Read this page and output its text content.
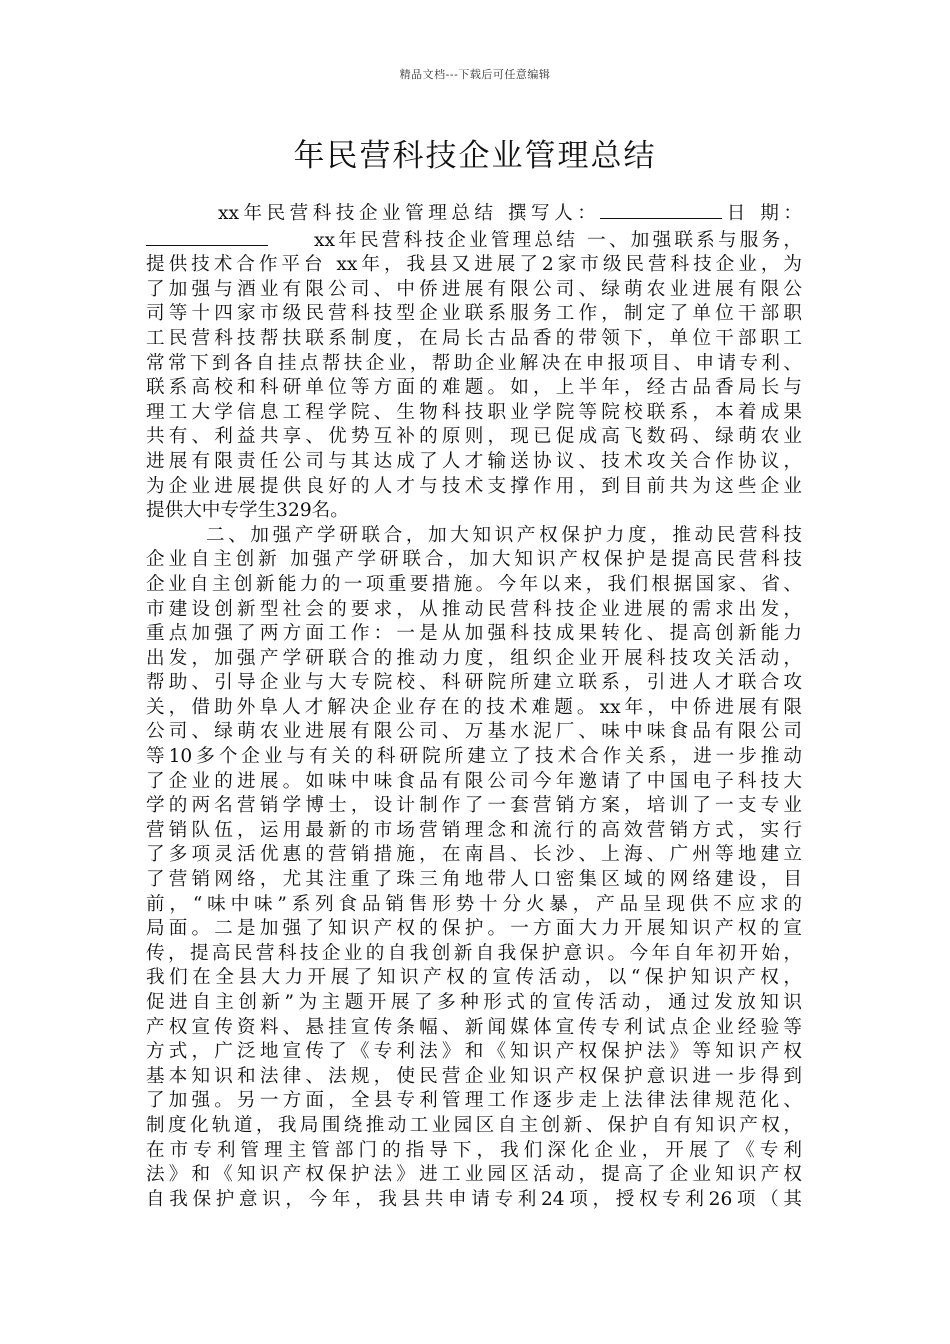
精品文档---下载后可任意编辑
年民营科技企业管理总结
xx年民营科技企业管理总结 撰写人：	日 期：
xx年民营科技企业管理总结 一、加强联系与服务，
提供技术合作平台 xx年，我县又进展了2家市级民营科技企业，为
了加强与酒业有限公司、中侨进展有限公司、绿萌农业进展有限公
司等十四家市级民营科技型企业联系服务工作，制定了单位干部职
工民营科技帮扶联系制度，在局长古品香的带领下，单位干部职工
常常下到各自挂点帮扶企业，帮助企业解决在申报项目、申请专利、
联系高校和科研单位等方面的难题。如，上半年，经古品香局长与
理工大学信息工程学院、生物科技职业学院等院校联系，本着成果
共有、利益共享、优势互补的原则，现已促成高飞数码、绿萌农业
进展有限责任公司与其达成了人才输送协议、技术攻关合作协议，
为企业进展提供良好的人才与技术支撑作用，到目前共为这些企业
提供大中专学生329名。
二、加强产学研联合，加大知识产权保护力度，推动民营科技
企业自主创新 加强产学研联合，加大知识产权保护是提高民营科技
企业自主创新能力的一项重要措施。今年以来，我们根据国家、省、
市建设创新型社会的要求，从推动民营科技企业进展的需求出发，
重点加强了两方面工作：一是从加强科技成果转化、提高创新能力
出发，加强产学研联合的推动力度，组织企业开展科技攻关活动，
帮助、引导企业与大专院校、科研院所建立联系，引进人才联合攻
关，借助外阜人才解决企业存在的技术难题。xx年，中侨进展有限
公司、绿萌农业进展有限公司、万基水泥厂、味中味食品有限公司
等10多个企业与有关的科研院所建立了技术合作关系，进一步推动
了企业的进展。如味中味食品有限公司今年邀请了中国电子科技大
学的两名营销学博士，设计制作了一套营销方案，培训了一支专业
营销队伍，运用最新的市场营销理念和流行的高效营销方式，实行
了多项灵活优惠的营销措施，在南昌、长沙、上海、广州等地建立
了营销网络，尤其注重了珠三角地带人口密集区域的网络建设，目
前，“味中味”系列食品销售形势十分火暴，产品呈现供不应求的
局面。二是加强了知识产权的保护。一方面大力开展知识产权的宣
传，提高民营科技企业的自我创新自我保护意识。今年自年初开始，
我们在全县大力开展了知识产权的宣传活动，以“保护知识产权，
促进自主创新”为主题开展了多种形式的宣传活动，通过发放知识
产权宣传资料、悬挂宣传条幅、新闻媒体宣传专利试点企业经验等
方式，广泛地宣传了《专利法》和《知识产权保护法》等知识产权
基本知识和法律、法规，使民营企业知识产权保护意识进一步得到
了加强。另一方面，全县专利管理工作逐步走上法律法律规范化、
制度化轨道，我局围绕推动工业园区自主创新、保护自有知识产权，
在市专利管理主管部门的指导下，我们深化企业，开展了《专利
法》和《知识产权保护法》进工业园区活动，提高了企业知识产权
自我保护意识，今年，我县共申请专利24项，授权专利26项（其
